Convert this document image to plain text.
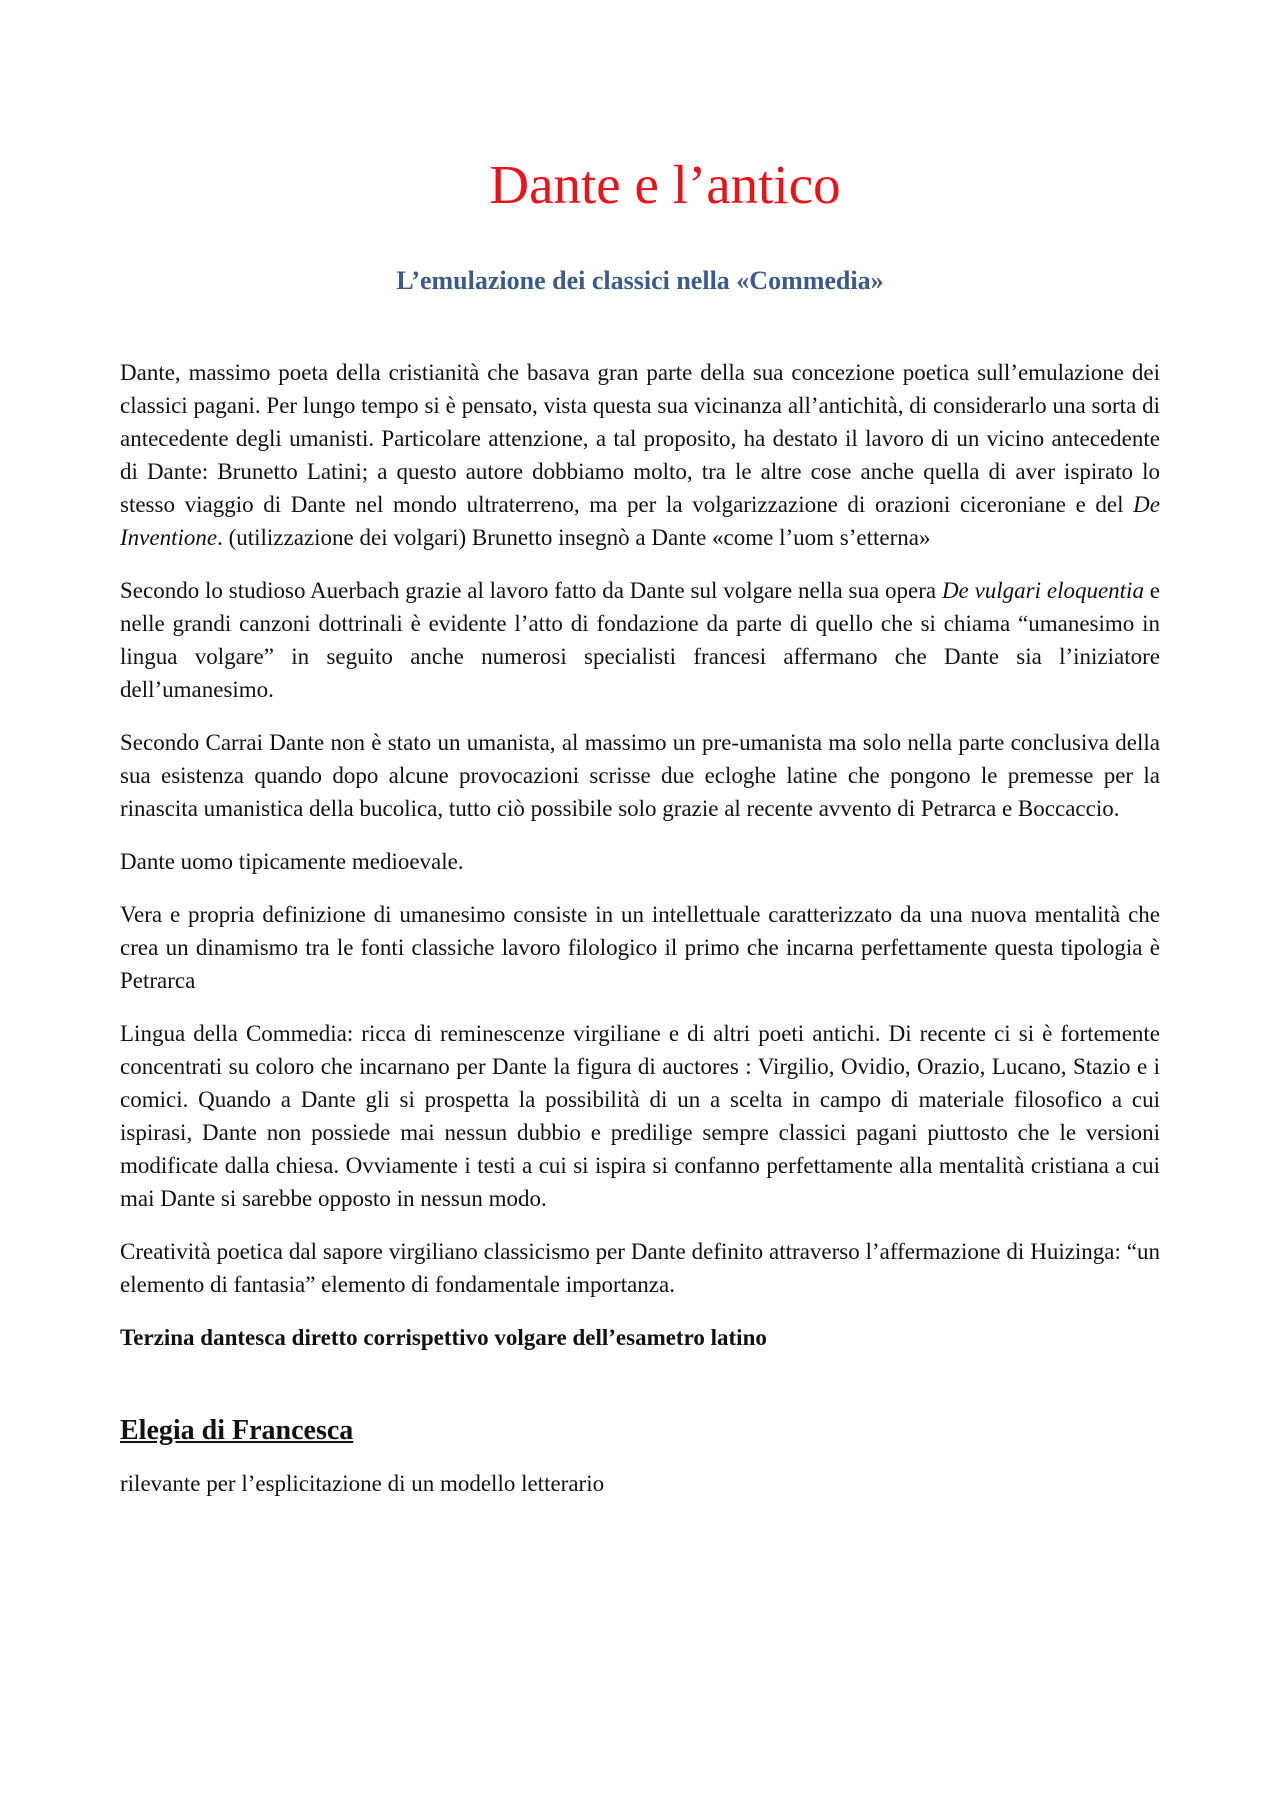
Dante e l’antico
L’emulazione dei classici nella «Commedia»

Dante, massimo poeta della cristianità che basava gran parte della sua concezione poetica sull’emulazione dei classici pagani. Per lungo tempo si è pensato, vista questa sua vicinanza all’antichità, di considerarlo una sorta di antecedente degli umanisti. Particolare attenzione, a tal proposito, ha destato il lavoro di un vicino antecedente di Dante: Brunetto Latini; a questo autore dobbiamo molto, tra le altre cose anche quella di aver ispirato lo stesso viaggio di Dante nel mondo ultraterreno, ma per la volgarizzazione di orazioni ciceroniane e del De Inventione. (utilizzazione dei volgari) Brunetto insegnò a Dante «come l’uom s’etterna»

Secondo lo studioso Auerbach grazie al lavoro fatto da Dante sul volgare nella sua opera De vulgari eloquentia e nelle grandi canzoni dottrinali è evidente l’atto di fondazione da parte di quello che si chiama “umanesimo in lingua volgare” in seguito anche numerosi specialisti francesi affermano che Dante sia l’iniziatore dell’umanesimo.

Secondo Carrai Dante non è stato un umanista, al massimo un pre-umanista ma solo nella parte conclusiva della sua esistenza quando dopo alcune provocazioni scrisse due ecloghe latine che pongono le premesse per la rinascita umanistica della bucolica, tutto ciò possibile solo grazie al recente avvento di Petrarca e Boccaccio.

Dante uomo tipicamente medioevale.

Vera e propria definizione di umanesimo consiste in un intellettuale caratterizzato da una nuova mentalità che crea un dinamismo tra le fonti classiche lavoro filologico il primo che incarna perfettamente questa tipologia è Petrarca

Lingua della Commedia: ricca di reminescenze virgiliane e di altri poeti antichi. Di recente ci si è fortemente concentrati su coloro che incarnano per Dante la figura di auctores : Virgilio, Ovidio, Orazio, Lucano, Stazio e i comici. Quando a Dante gli si prospetta la possibilità di un a scelta in campo di materiale filosofico a cui ispirasi, Dante non possiede mai nessun dubbio e predilige sempre classici pagani piuttosto che le versioni modificate dalla chiesa. Ovviamente i testi a cui si ispira si confanno perfettamente alla mentalità cristiana a cui mai Dante si sarebbe opposto in nessun modo.

Creatività poetica dal sapore virgiliano classicismo per Dante definito attraverso l’affermazione di Huizinga: “un elemento di fantasia” elemento di fondamentale importanza.

Terzina dantesca diretto corrispettivo volgare dell’esametro latino

Elegia di Francesca

rilevante per l’esplicitazione di un modello letterario
